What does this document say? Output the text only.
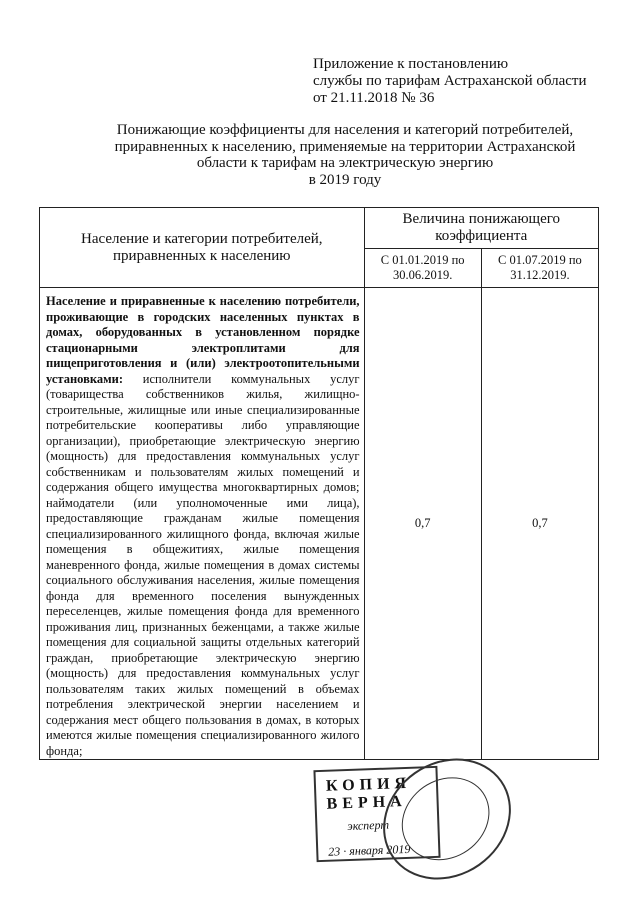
Приложение к постановлению
службы по тарифам Астраханской области
от 21.11.2018 № 36
Понижающие коэффициенты для населения и категорий потребителей,
приравненных к населению, применяемые на территории Астраханской
области к тарифам на электрическую энергию
в 2019 году
Население и категории потребителей, приравненных к населению	Величина понижающего коэффициента	
	С 01.01.2019 по 30.06.2019.	С 01.07.2019 по 31.12.2019.

Население и приравненные к населению потребители, проживающие в городских населенных пунктах в домах, оборудованных в установленном порядке стационарными электроплитами для пищеприготовления и (или) электроотопительными установками: исполнители коммунальных услуг (товарищества собственников жилья, жилищно-строительные, жилищные или иные специализированные потребительские кооперативы либо управляющие организации), приобретающие электрическую энергию (мощность) для предоставления коммунальных услуг собственникам и пользователям жилых помещений и содержания общего имущества многоквартирных домов; наймодатели (или уполномоченные ими лица), предоставляющие гражданам жилые помещения специализированного жилищного фонда, включая жилые помещения в общежитиях, жилые помещения маневренного фонда, жилые помещения в домах системы социального обслуживания населения, жилые помещения фонда для временного поселения вынужденных переселенцев, жилые помещения фонда для временного проживания лиц, признанных беженцами, а также жилые помещения для социальной защиты отдельных категорий граждан, приобретающие электрическую энергию (мощность) для предоставления коммунальных услуг пользователям таких жилых помещений в объемах потребления электрической энергии населением и содержания мест общего пользования в домах, в которых имеются жилые помещения специализированного жилого фонда;	0,7	0,7
КОПИЯ ВЕРНА
эксперт
23 · января 2019
